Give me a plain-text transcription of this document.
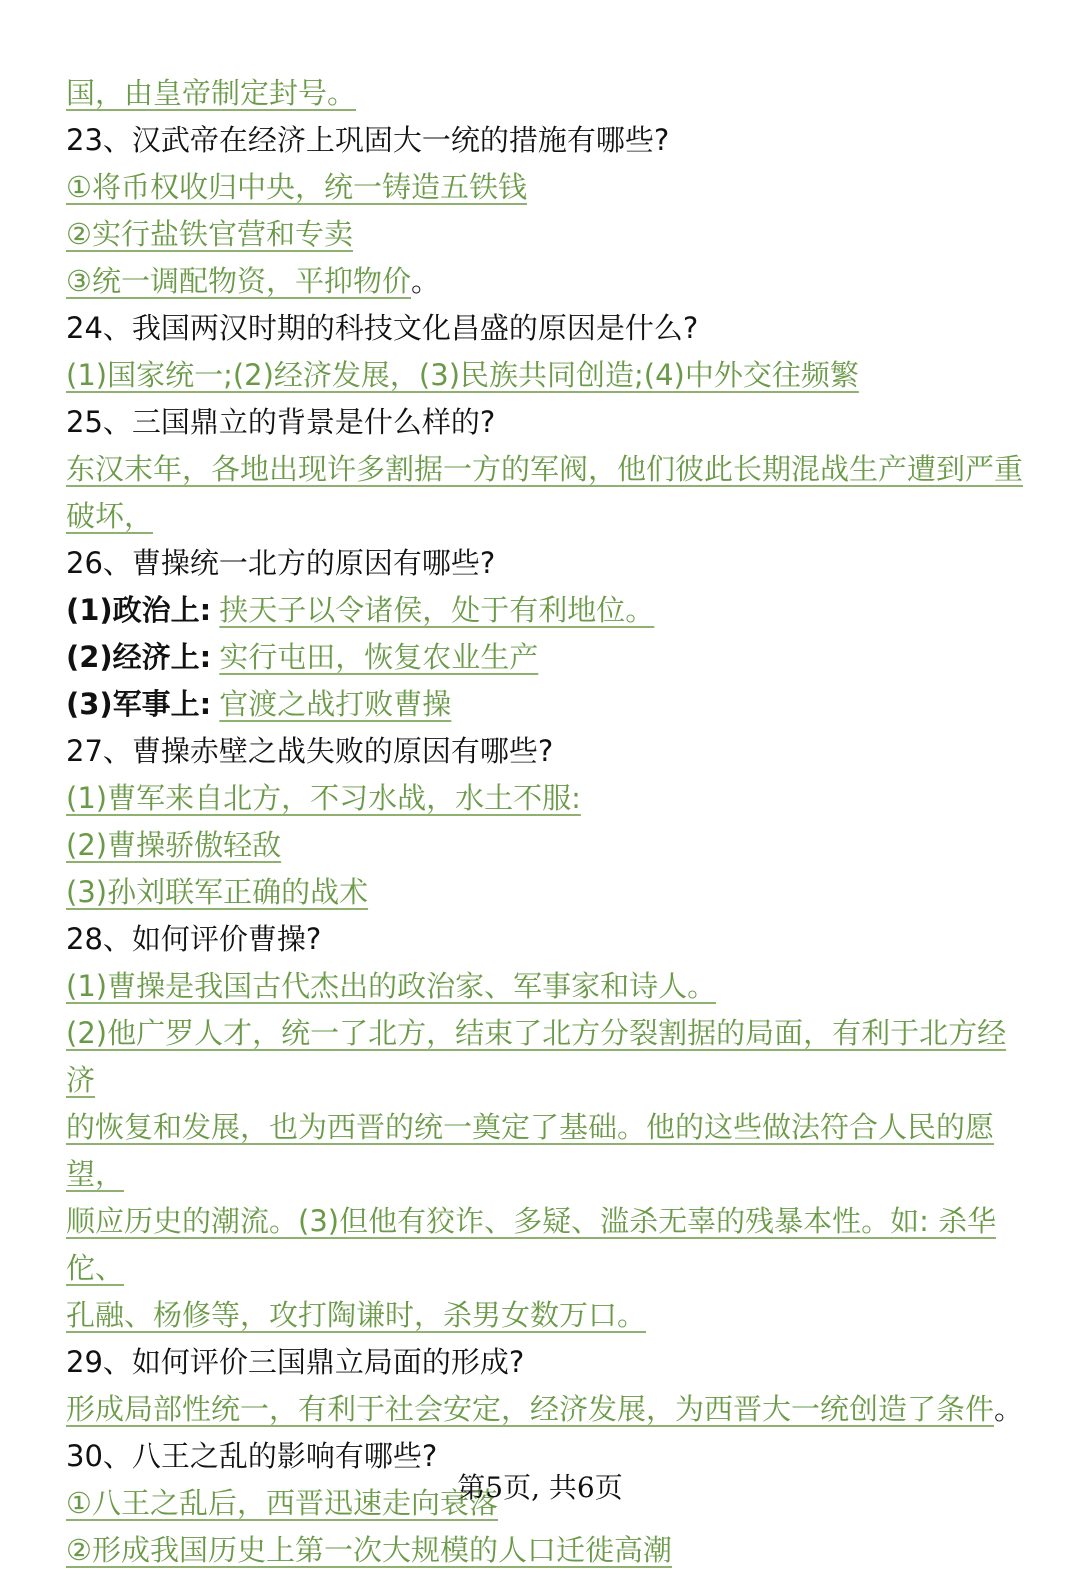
国，由皇帝制定封号。
23、汉武帝在经济上巩固大一统的措施有哪些?
①将币权收归中央，统一铸造五铁钱
②实行盐铁官营和专卖
③统一调配物资，平抑物价。
24、我国两汉时期的科技文化昌盛的原因是什么?
(1)国家统一;(2)经济发展，(3)民族共同创造;(4)中外交往频繁
25、三国鼎立的背景是什么样的?
东汉末年，各地出现许多割据一方的军阀，他们彼此长期混战生产遭到严重
破坏，
26、曹操统一北方的原因有哪些?
(1)政治上: 挟天子以令诸侯，处于有利地位。
(2)经济上: 实行屯田，恢复农业生产
(3)军事上: 官渡之战打败曹操
27、曹操赤壁之战失败的原因有哪些?
(1)曹军来自北方，不习水战，水土不服:
(2)曹操骄傲轻敌
(3)孙刘联军正确的战术
28、如何评价曹操?
(1)曹操是我国古代杰出的政治家、军事家和诗人。
(2)他广罗人才，统一了北方，结束了北方分裂割据的局面，有利于北方经济
的恢复和发展，也为西晋的统一奠定了基础。他的这些做法符合人民的愿望，
顺应历史的潮流。(3)但他有狡诈、多疑、滥杀无辜的残暴本性。如: 杀华佗、
孔融、杨修等，攻打陶谦时，杀男女数万口。
29、如何评价三国鼎立局面的形成?
形成局部性统一，有利于社会安定，经济发展，为西晋大一统创造了条件。
30、八王之乱的影响有哪些?
①八王之乱后，西晋迅速走向衰落
②形成我国历史上第一次大规模的人口迁徙高潮
第5页, 共6页
